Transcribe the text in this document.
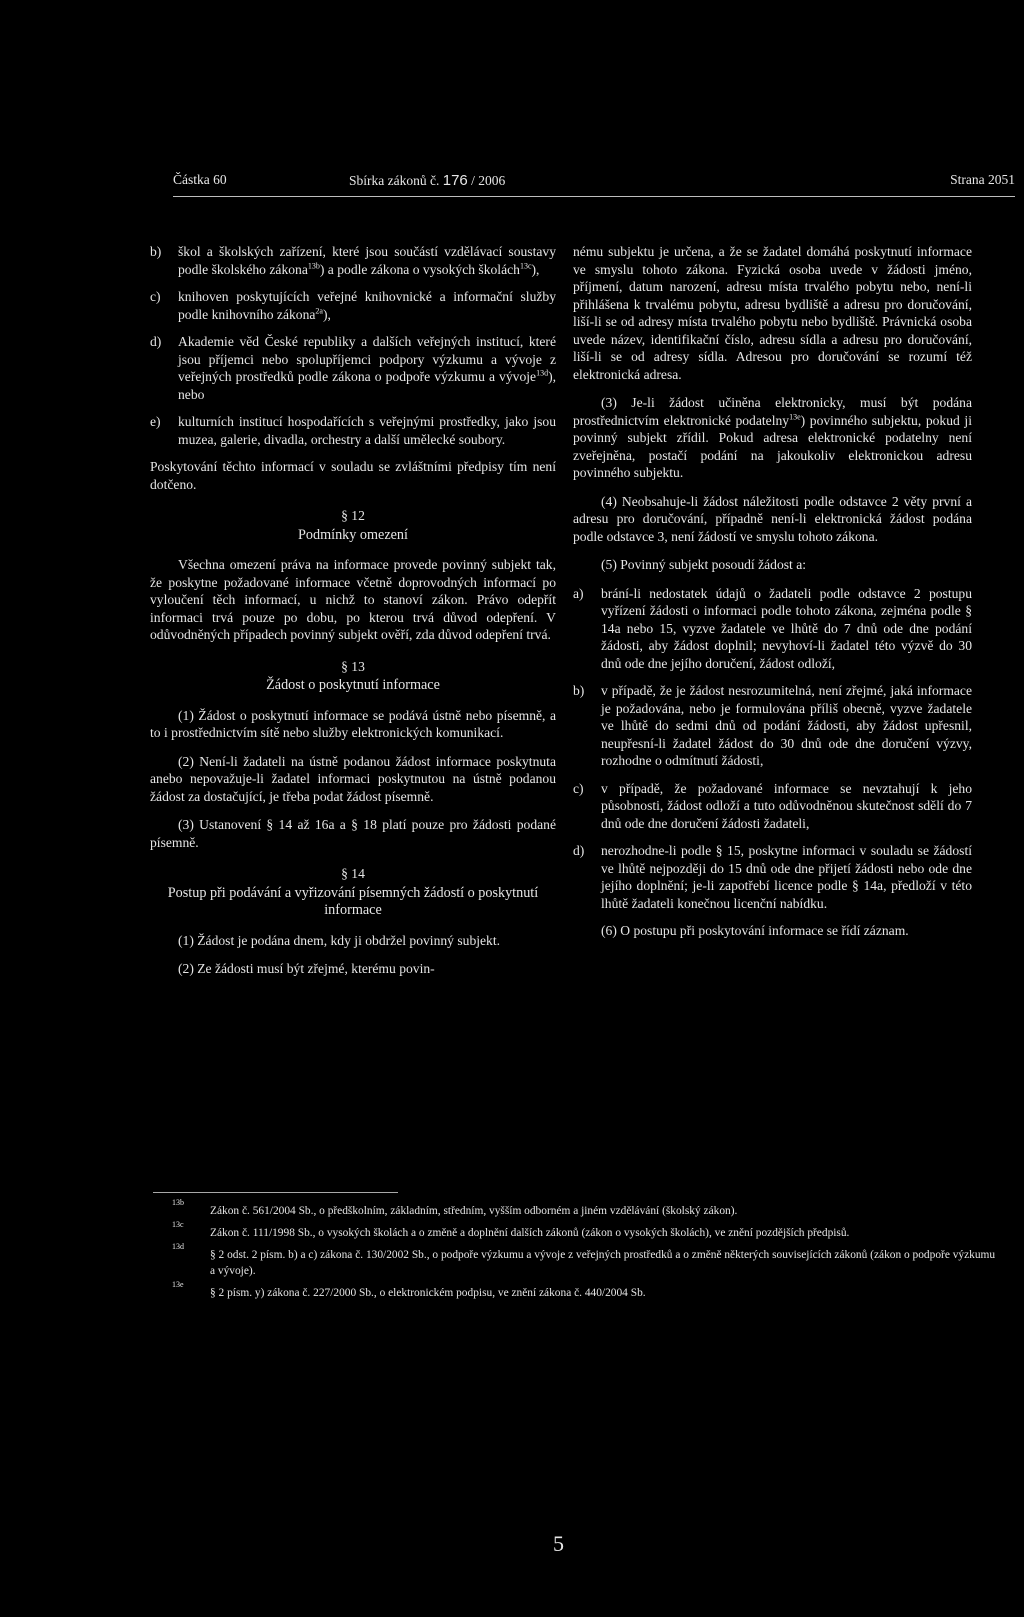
Částka 60	Sbírka zákonů č. 176 / 2006	Strana 2051
b) škol a školských zařízení, které jsou součástí vzdělávací soustavy podle školského zákona$^{13b}$) a podle zákona o vysokých školách$^{13c}$),
c) knihoven poskytujících veřejné knihovnické a informační služby podle knihovního zákona$^{2a}$),
d) Akademie věd České republiky a dalších veřejných institucí, které jsou příjemci nebo spolupříjemci podpory výzkumu a vývoje z veřejných prostředků podle zákona o podpoře výzkumu a vývoje$^{13d}$), nebo
e) kulturních institucí hospodařících s veřejnými prostředky, jako jsou muzea, galerie, divadla, orchestry a další umělecké soubory.

Poskytování těchto informací v souladu se zvláštními předpisy tím není dotčeno.

§ 12
Podmínky omezení

Všechna omezení práva na informace provede povinný subjekt tak, že poskytne požadované informace včetně doprovodných informací po vyloučení těch informací, u nichž to stanoví zákon. Právo odepřít informaci trvá pouze po dobu, po kterou trvá důvod odepření. V odůvodněných případech povinný subjekt ověří, zda důvod odepření trvá.

§ 13
Žádost o poskytnutí informace

(1) Žádost o poskytnutí informace se podává ústně nebo písemně, a to i prostřednictvím sítě nebo služby elektronických komunikací.

(2) Není-li žadateli na ústně podanou žádost informace poskytnuta anebo nepovažuje-li žadatel informaci poskytnutou na ústně podanou žádost za dostačující, je třeba podat žádost písemně.

(3) Ustanovení § 14 až 16a a § 18 platí pouze pro žádosti podané písemně.

§ 14
Postup při podávání a vyřizování písemných žádostí o poskytnutí informace

(1) Žádost je podána dnem, kdy ji obdržel povinný subjekt.

(2) Ze žádosti musí být zřejmé, kterému povin-

nému subjektu je určena, a že se žadatel domáhá poskytnutí informace ve smyslu tohoto zákona. Fyzická osoba uvede v žádosti jméno, příjmení, datum narození, adresu místa trvalého pobytu nebo, není-li přihlášena k trvalému pobytu, adresu bydliště a adresu pro doručování, liší-li se od adresy místa trvalého pobytu nebo bydliště. Právnická osoba uvede název, identifikační číslo, adresu sídla a adresu pro doručování, liší-li se od adresy sídla. Adresou pro doručování se rozumí též elektronická adresa.

(3) Je-li žádost učiněna elektronicky, musí být podána prostřednictvím elektronické podatelny$^{13e}$) povinného subjektu, pokud ji povinný subjekt zřídil. Pokud adresa elektronické podatelny není zveřejněna, postačí podání na jakoukoliv elektronickou adresu povinného subjektu.

(4) Neobsahuje-li žádost náležitosti podle odstavce 2 věty první a adresu pro doručování, případně není-li elektronická žádost podána podle odstavce 3, není žádostí ve smyslu tohoto zákona.

(5) Povinný subjekt posoudí žádost a:

a) brání-li nedostatek údajů o žadateli podle odstavce 2 postupu vyřízení žádosti o informaci podle tohoto zákona, zejména podle § 14a nebo 15, vyzve žadatele ve lhůtě do 7 dnů ode dne podání žádosti, aby žádost doplnil; nevyhoví-li žadatel této výzvě do 30 dnů ode dne jejího doručení, žádost odloží,
b) v případě, že je žádost nesrozumitelná, není zřejmé, jaká informace je požadována, nebo je formulována příliš obecně, vyzve žadatele ve lhůtě do sedmi dnů od podání žádosti, aby žádost upřesnil, neupřesní-li žadatel žádost do 30 dnů ode dne doručení výzvy, rozhodne o odmítnutí žádosti,
c) v případě, že požadované informace se nevztahují k jeho působnosti, žádost odloží a tuto odůvodněnou skutečnost sdělí do 7 dnů ode dne doručení žádosti žadateli,
d) nerozhodne-li podle § 15, poskytne informaci v souladu se žádostí ve lhůtě nejpozději do 15 dnů ode dne přijetí žádosti nebo ode dne jejího doplnění; je-li zapotřebí licence podle § 14a, předloží v této lhůtě žadateli konečnou licenční nabídku.

(6) O postupu při poskytování informace se řídí záznam.

13b
Zákon č. 561/2004 Sb., o předškolním, základním, středním, vyšším odborném a jiném vzdělávání (školský zákon).
13c
Zákon č. 111/1998 Sb., o vysokých školách a o změně a doplnění dalších zákonů (zákon o vysokých školách), ve znění pozdějších předpisů.
13d
§ 2 odst. 2 písm. b) a c) zákona č. 130/2002 Sb., o podpoře výzkumu a vývoje z veřejných prostředků a o změně některých souvisejících zákonů (zákon o podpoře výzkumu a vývoje).
13e
§ 2 písm. y) zákona č. 227/2000 Sb., o elektronickém podpisu, ve znění zákona č. 440/2004 Sb.
5
